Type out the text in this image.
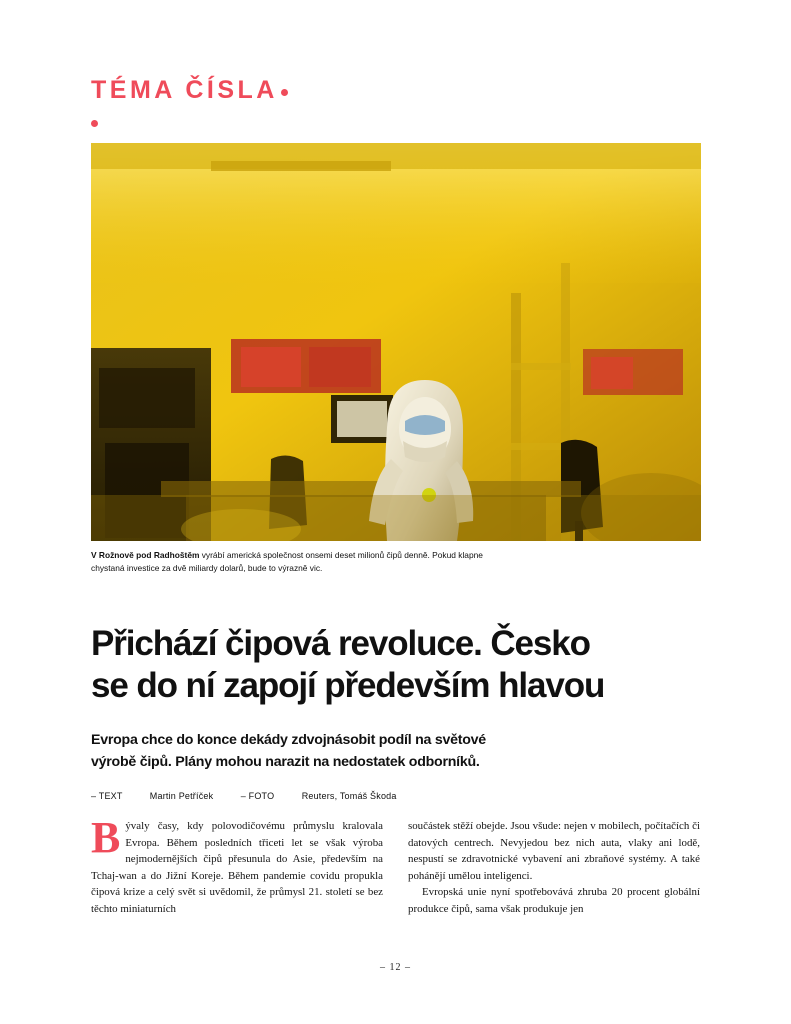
TÉMA ČÍSLA
V Rožnově pod Radhoštěm vyrábí americká společnost onsemi deset milionů čipů denně. Pokud klapne chystaná investice za dvě miliardy dolarů, bude to výrazně vic.
Přichází čipová revoluce. Česko
se do ní zapojí především hlavou
Evropa chce do konce dekády zdvojnásobit podíl na světové
výrobě čipů. Plány mohou narazit na nedostatek odborníků.
– TEXT	Martin Petříček	– FOTO	Reuters, Tomáš Škoda
B ývaly časy, kdy polovodičovému průmyslu kralovala Evropa. Během posledních třiceti let se však výroba nejmodernějších čipů přesunula do Asie, především na Tchaj-wan a do Jižní Koreje. Během pandemie covidu propukla čipová krize a celý svět si uvědomil, že průmysl 21. století se bez těchto miniaturních

součástek stěží obejde. Jsou všude: nejen v mobilech, počítačích či datových centrech. Nevyjedou bez nich auta, vlaky ani lodě, nespustí se zdravotnické vybavení ani zbraňové systémy. A také pohánějí umělou inteligenci.

Evropská unie nyní spotřebovává zhruba 20 procent globální produkce čipů, sama však produkuje jen

– 12 –
